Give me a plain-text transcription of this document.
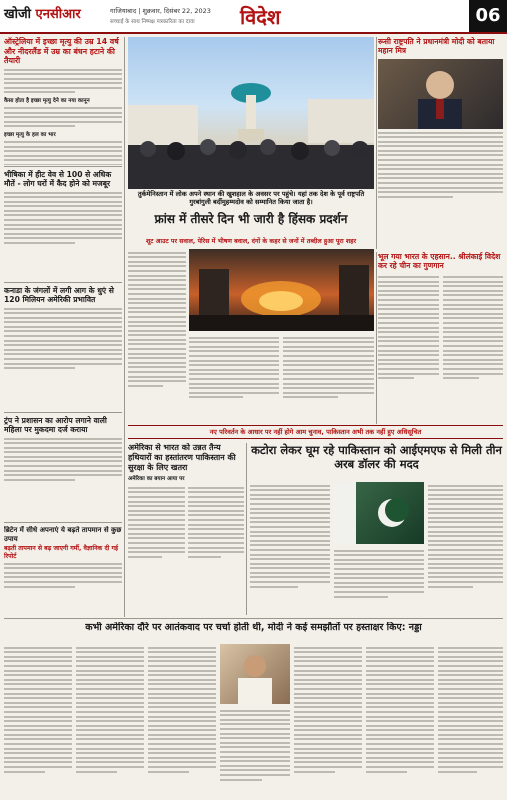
खोजी एनसीआर	गाजियाबाद | शुक्रवार, दिसंबर 22, 2023
सच्चाई के साथ निष्पक्ष पत्रकारिता का दावा विदेश	06
ऑस्ट्रेलिया में इच्छा मृत्यु की उम्र 14 वर्ष और नीदरलैंड में उम्र का बंधन हटाने की तैयारी
कैसा होता है इच्छा मृत्यु देने का नया कानून
इच्छा मृत्यु के हल का भार
भीषिका में हीट वेव से 100 से अधिक मौतें - लोग घरों में कैद होने को मजबूर
कनाडा के जंगलों में लगी आग के धुएं से 120 मिलियन अमेरिकी प्रभावित
ट्रंप ने प्रशासन का आरोप लगाने वाली महिला पर मुकदमा दर्ज कराया
ब्रिटेन में सीधे अपनाएं ये बढ़ते तापमान से कुछ उपाय
बढ़ती तापमान से बढ़ जाएगी गर्मी, वैज्ञानिक दी गई रिपोर्ट
तुर्कमेनिस्तान में लोक अपने स्थान की खुशहाल के अवसर पर पहुंचे। यहां तक देश के पूर्व राष्ट्रपति गुरबांगुली बर्दीमुहम्मदोव को सम्मानित किया जाता है।
रूसी राष्ट्रपति ने प्रधानमंत्री मोदी को बताया महान मित्र
फ्रांस में तीसरे दिन भी जारी है हिंसक प्रदर्शन
शूट आउट पर सवाल, पेरिस में भीषण बवाल, दंगों के कहर से जनों में तब्दील हुआ पूरा शहर
भूल गया भारत के एहसान.. श्रीलंकाई विदेश कर रहे चीन का गुणगान
नए परिवर्तन के आधार पर नहीं होगे आम चुनाव, पाकिस्तान अभी तक नहीं हुए अधिसूचित
अमेरिका से भारत को उन्नत तैन्य हथियारों का हस्तांतरण पाकिस्तान की सुरक्षा के लिए खतरा
अमेरिका का बयान आया पर
कटोरा लेकर घूम रहे पाकिस्तान को आईएमएफ से मिली तीन अरब डॉलर की मदद
कभी अमेरिका दौरे पर आतंकवाद पर चर्चा होती थी, मोदी ने कई समझौतों पर हस्ताक्षर किए: नड्डा
